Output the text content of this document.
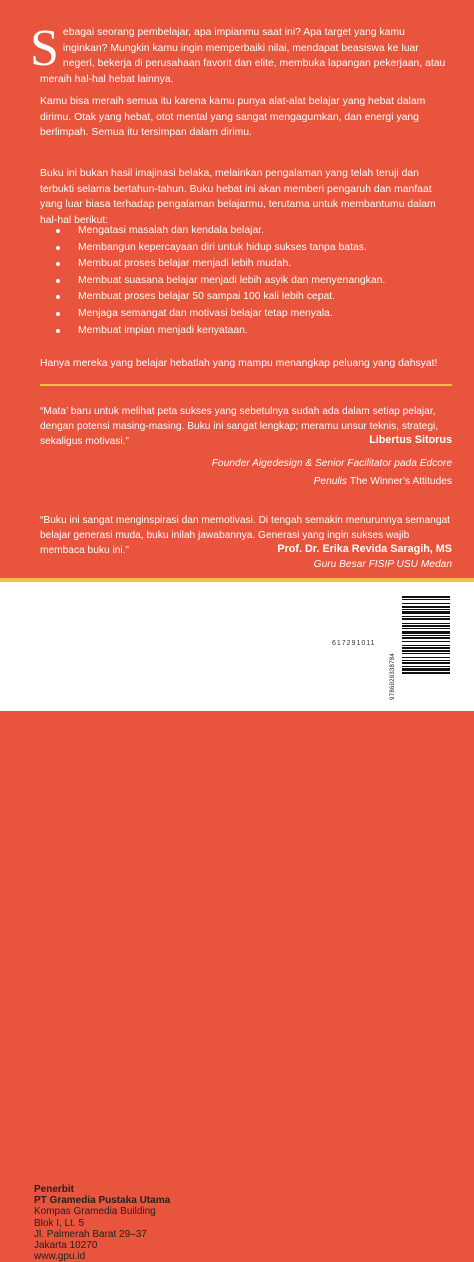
Sebagai seorang pembelajar, apa impianmu saat ini? Apa target yang kamu inginkan? Mungkin kamu ingin memperbaiki nilai, mendapat beasiswa ke luar negeri, bekerja di perusahaan favorit dan elite, membuka lapangan pekerjaan, atau meraih hal-hal hebat lainnya.
Kamu bisa meraih semua itu karena kamu punya alat-alat belajar yang hebat dalam dirimu. Otak yang hebat, otot mental yang sangat mengagumkan, dan energi yang berlimpah. Semua itu tersimpan dalam dirimu.
Buku ini bukan hasil imajinasi belaka, melainkan pengalaman yang telah teruji dan terbukti selama bertahun-tahun. Buku hebat ini akan memberi pengaruh dan manfaat yang luar biasa terhadap pengalaman belajarmu, terutama untuk membantumu dalam hal-hal berikut:
Mengatasi masalah dan kendala belajar.
Membangun kepercayaan diri untuk hidup sukses tanpa batas.
Membuat proses belajar menjadi lebih mudah.
Membuat suasana belajar menjadi lebih asyik dan menyenangkan.
Membuat proses belajar 50 sampai 100 kali lebih cepat.
Menjaga semangat dan motivasi belajar tetap menyala.
Membuat impian menjadi kenyataan.
Hanya mereka yang belajar hebatlah yang mampu menangkap peluang yang dahsyat!
“Mata’ baru untuk melihat peta sukses yang sebetulnya sudah ada dalam setiap pelajar, dengan potensi masing-masing. Buku ini sangat lengkap; meramu unsur teknis, strategi, sekaligus motivasi.”	Libertus Sitorus
Founder Aigedesign & Senior Facilitator pada Edcore
Penulis The Winner’s Attitudes
“Buku ini sangat menginspirasi dan memotivasi. Di tengah semakin menurunnya semangat belajar generasi muda, buku inilah jawabannya. Generasi yang ingin sukses wajib membaca buku ini.”	Prof. Dr. Erika Revida Saragih, MS
Guru Besar FISIP USU Medan
Penerbit
PT Gramedia Pustaka Utama
Kompas Gramedia Building
Blok I, Lt. 5
Jl. Palmerah Barat 29–37
Jakarta 10270
www.gpu.id
617291011
9786020338784
